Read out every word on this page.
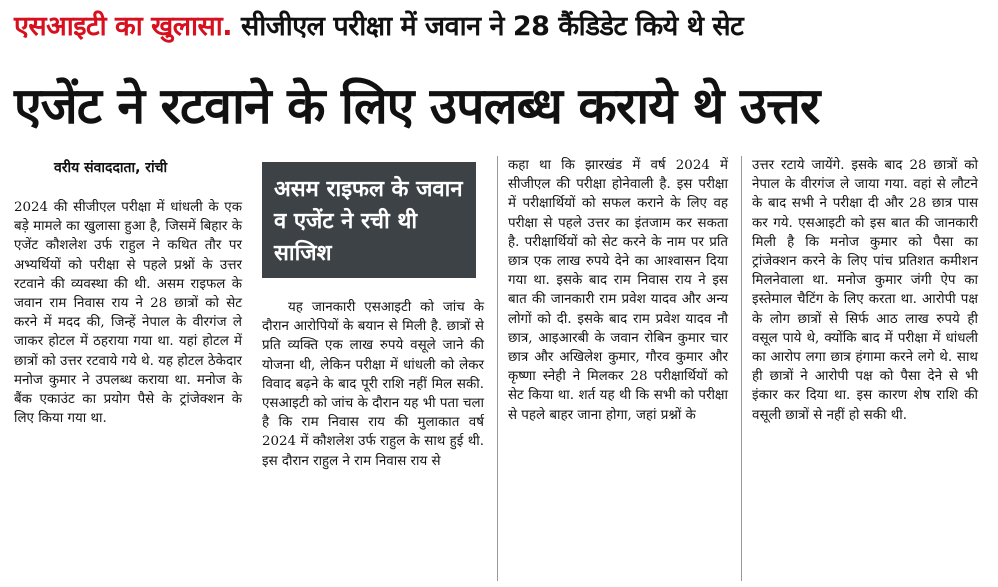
एसआइटी का खुलासा. सीजीएल परीक्षा में जवान ने 28 कैंडिडेट किये थे सेट
एजेंट ने रटवाने के लिए उपलब्ध कराये थे उत्तर
वरीय संवाददाता, रांची
2024 की सीजीएल परीक्षा में धांधली के एक बड़े मामले का खुलासा हुआ है, जिसमें बिहार के एजेंट कौशलेश उर्फ राहुल ने कथित तौर पर अभ्यर्थियों को परीक्षा से पहले प्रश्नों के उत्तर रटवाने की व्यवस्था की थी. असम राइफल के जवान राम निवास राय ने 28 छात्रों को सेट करने में मदद की, जिन्हें नेपाल के वीरगंज ले जाकर होटल में ठहराया गया था. यहां होटल में छात्रों को उत्तर रटवाये गये थे. यह होटल ठेकेदार मनोज कुमार ने उपलब्ध कराया था. मनोज के बैंक एकाउंट का प्रयोग पैसे के ट्रांजेक्शन के लिए किया गया था.
असम राइफल के जवान व एजेंट ने रची थी साजिश
यह जानकारी एसआइटी को जांच के दौरान आरोपियों के बयान से मिली है. छात्रों से प्रति व्यक्ति एक लाख रुपये वसूले जाने की योजना थी, लेकिन परीक्षा में धांधली को लेकर विवाद बढ़ने के बाद पूरी राशि नहीं मिल सकी. एसआइटी को जांच के दौरान यह भी पता चला है कि राम निवास राय की मुलाकात वर्ष 2024 में कौशलेश उर्फ राहुल के साथ हुई थी. इस दौरान राहुल ने राम निवास राय से
कहा था कि झारखंड में वर्ष 2024 में सीजीएल की परीक्षा होनेवाली है. इस परीक्षा में परीक्षार्थियों को सफल कराने के लिए वह परीक्षा से पहले उत्तर का इंतजाम कर सकता है. परीक्षार्थियों को सेट करने के नाम पर प्रति छात्र एक लाख रुपये देने का आश्वासन दिया गया था. इसके बाद राम निवास राय ने इस बात की जानकारी राम प्रवेश यादव और अन्य लोगों को दी. इसके बाद राम प्रवेश यादव नौ छात्र, आइआरबी के जवान रोबिन कुमार चार छात्र और अखिलेश कुमार, गौरव कुमार और कृष्णा स्नेही ने मिलकर 28 परीक्षार्थियों को सेट किया था. शर्त यह थी कि सभी को परीक्षा से पहले बाहर जाना होगा, जहां प्रश्नों के
उत्तर रटाये जायेंगे. इसके बाद 28 छात्रों को नेपाल के वीरगंज ले जाया गया. वहां से लौटने के बाद सभी ने परीक्षा दी और 28 छात्र पास कर गये. एसआइटी को इस बात की जानकारी मिली है कि मनोज कुमार को पैसा का ट्रांजेक्शन करने के लिए पांच प्रतिशत कमीशन मिलनेवाला था. मनोज कुमार जंगी ऐप का इस्तेमाल चैटिंग के लिए करता था. आरोपी पक्ष के लोग छात्रों से सिर्फ आठ लाख रुपये ही वसूल पाये थे, क्योंकि बाद में परीक्षा में धांधली का आरोप लगा छात्र हंगामा करने लगे थे. साथ ही छात्रों ने आरोपी पक्ष को पैसा देने से भी इंकार कर दिया था. इस कारण शेष राशि की वसूली छात्रों से नहीं हो सकी थी.
